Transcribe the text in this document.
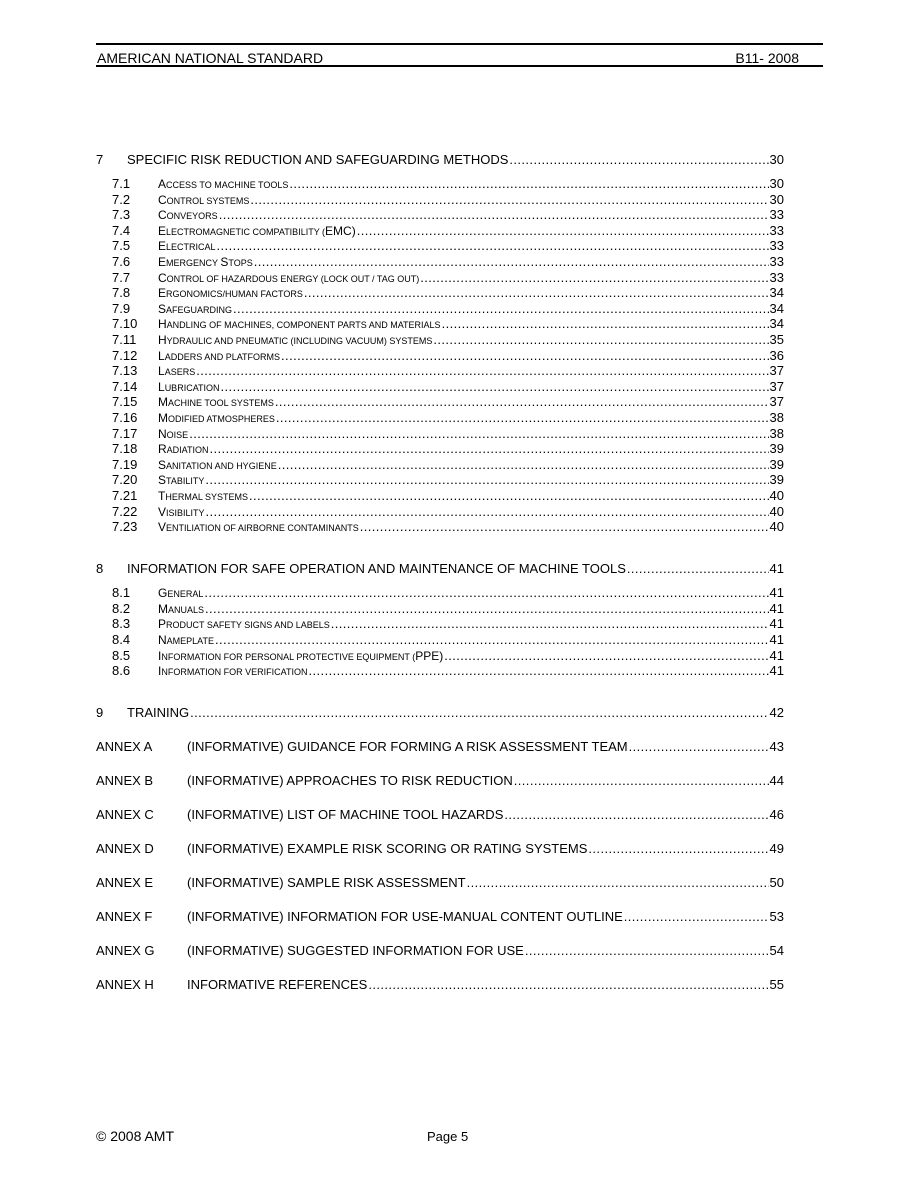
AMERICAN NATIONAL STANDARD	B11- 2008
7	SPECIFIC RISK REDUCTION AND SAFEGUARDING METHODS .....	30
7.1	ACCESS TO MACHINE TOOLS .....	30
7.2	CONTROL SYSTEMS .....	30
7.3	CONVEYORS .....	33
7.4	ELECTROMAGNETIC COMPATIBILITY (EMC) .....	33
7.5	ELECTRICAL .....	33
7.6	EMERGENCY STOPS .....	33
7.7	CONTROL OF HAZARDOUS ENERGY (LOCK OUT / TAG OUT) .....	33
7.8	ERGONOMICS/HUMAN FACTORS .....	34
7.9	SAFEGUARDING .....	34
7.10	HANDLING OF MACHINES, COMPONENT PARTS AND MATERIALS .....	34
7.11	HYDRAULIC AND PNEUMATIC (INCLUDING VACUUM) SYSTEMS .....	35
7.12	LADDERS AND PLATFORMS .....	36
7.13	LASERS .....	37
7.14	LUBRICATION .....	37
7.15	MACHINE TOOL SYSTEMS .....	37
7.16	MODIFIED ATMOSPHERES .....	38
7.17	NOISE .....	38
7.18	RADIATION .....	39
7.19	SANITATION AND HYGIENE .....	39
7.20	STABILITY .....	39
7.21	THERMAL SYSTEMS .....	40
7.22	VISIBILITY .....	40
7.23	VENTILIATION OF AIRBORNE CONTAMINANTS .....	40
8	INFORMATION FOR SAFE OPERATION AND MAINTENANCE OF MACHINE TOOLS .....	41
8.1	GENERAL .....	41
8.2	MANUALS .....	41
8.3	PRODUCT SAFETY SIGNS AND LABELS .....	41
8.4	NAMEPLATE .....	41
8.5	INFORMATION FOR PERSONAL PROTECTIVE EQUIPMENT (PPE) .....	41
8.6	INFORMATION FOR VERIFICATION .....	41
9	TRAINING .....	42
ANNEX A	(INFORMATIVE) GUIDANCE FOR FORMING A RISK ASSESSMENT TEAM .....	43
ANNEX B	(INFORMATIVE) APPROACHES TO RISK REDUCTION .....	44
ANNEX C	(INFORMATIVE) LIST OF MACHINE TOOL HAZARDS .....	46
ANNEX D	(INFORMATIVE) EXAMPLE RISK SCORING OR RATING SYSTEMS .....	49
ANNEX E	(INFORMATIVE) SAMPLE RISK ASSESSMENT .....	50
ANNEX F	(INFORMATIVE) INFORMATION FOR USE-MANUAL CONTENT OUTLINE .....	53
ANNEX G	(INFORMATIVE) SUGGESTED INFORMATION FOR USE .....	54
ANNEX H	INFORMATIVE REFERENCES .....	55
© 2008 AMT	Page 5
